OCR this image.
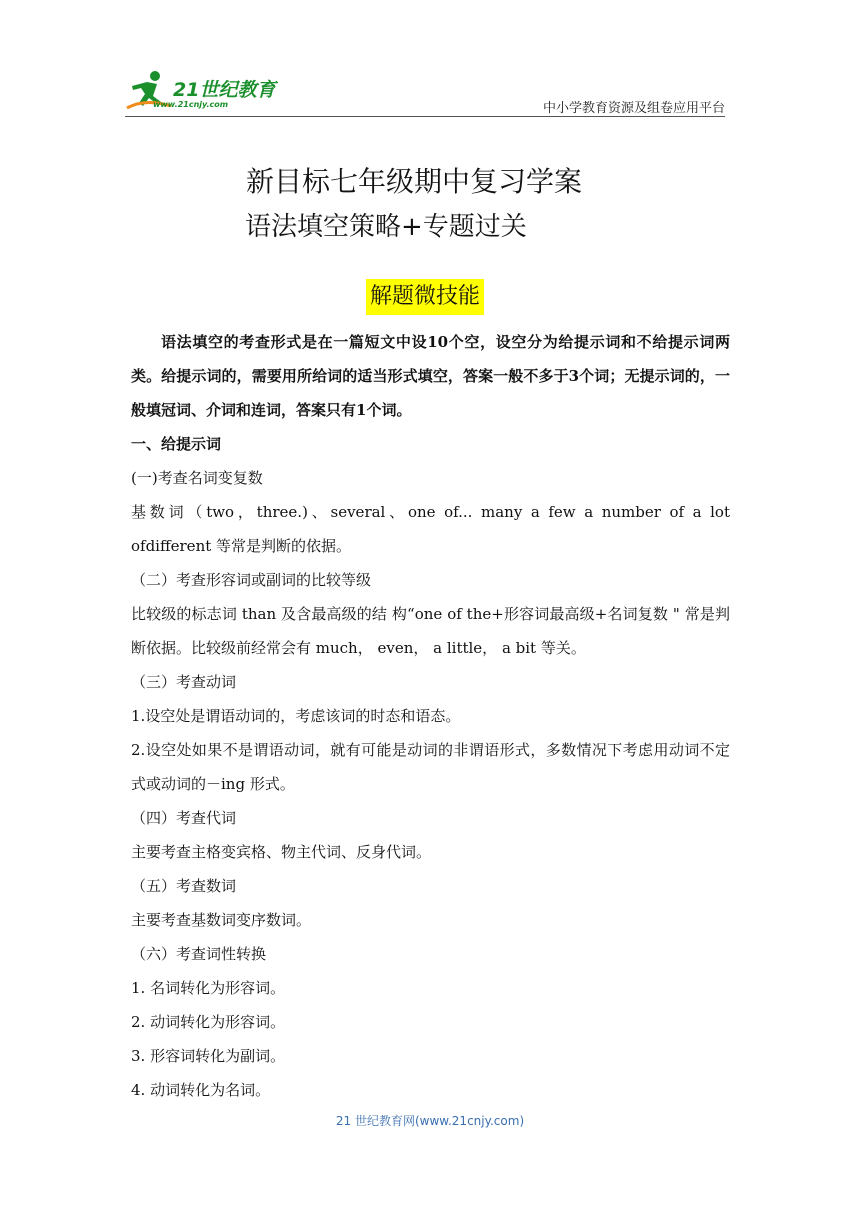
21世纪教育
www.21cnjy.com	中小学教育资源及组卷应用平台
新目标七年级期中复习学案
语法填空策略+专题过关
解题微技能

语法填空的考查形式是在一篇短文中设10个空，设空分为给提示词和不给提示词两类。给提示词的，需要用所给词的适当形式填空，答案一般不多于3个词；无提示词的，一般填冠词、介词和连词，答案只有1个词。

一、给提示词
(一)考查名词变复数

基数词（two，three.)、several、one of... many a few a number of a lot ofdifferent 等常是判断的依据。

（二）考查形容词或副词的比较等级

比较级的标志词 than 及含最高级的结 构“one of the+形容词最高级+名词复数 " 常是判断依据。比较级前经常会有 much， even， a little， a bit 等关。

（三）考查动词
1.设空处是谓语动词的，考虑该词的时态和语态。

2.设空处如果不是谓语动词，就有可能是动词的非谓语形式，多数情况下考虑用动词不定式或动词的－ing 形式。

（四）考查代词
主要考查主格变宾格、物主代词、反身代词。
（五）考查数词
主要考查基数词变序数词。
（六）考查词性转换
1. 名词转化为形容词。
2. 动词转化为形容词。
3. 形容词转化为副词。
4. 动词转化为名词。
21 世纪教育网(www.21cnjy.com)
